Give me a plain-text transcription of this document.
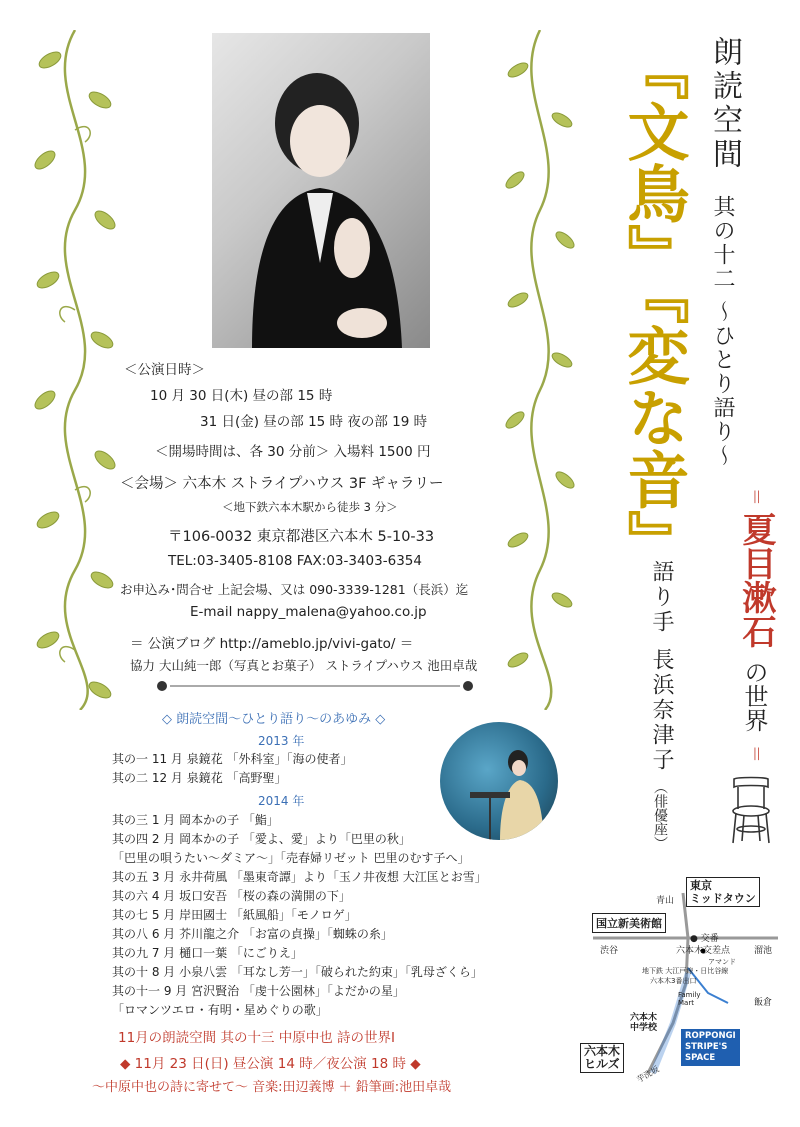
朗読空間
其の十二
～ひとり語り～
『文鳥』
『変な音』	＝
夏目漱石
の世界
＝
語り手
長浜奈津子
（俳優座）
＜公演日時＞
10 月 30 日(木) 昼の部 15 時
31 日(金) 昼の部 15 時 夜の部 19 時
＜開場時間は、各 30 分前＞ 入場料 1500 円
＜会場＞ 六本木 ストライプハウス 3F ギャラリー
＜地下鉄六本木駅から徒歩 3 分＞
〒106-0032 東京都港区六本木 5-10-33
TEL:03-3405-8108 FAX:03-3403-6354
お申込み･問合せ 上記会場、又は 090-3339-1281（長浜）迄
E-mail nappy_malena@yahoo.co.jp
＝ 公演ブログ http://ameblo.jp/vivi-gato/ ＝
協力 大山純一郎（写真とお菓子） ストライプハウス 池田卓哉
◇ 朗読空間～ひとり語り～のあゆみ ◇
2013 年
其の一 11 月 泉鏡花 「外科室」「海の使者」
其の二 12 月 泉鏡花 「高野聖」
2014 年
其の三 1 月 岡本かの子 「鮨」
其の四 2 月 岡本かの子 「愛よ、愛」より「巴里の秋」
「巴里の唄うたい～ダミア～」「売春婦リゼット 巴里のむす子へ」
其の五 3 月 永井荷風 「墨東奇譚」より「玉ノ井夜想 大江匡とお雪」
其の六 4 月 坂口安吾 「桜の森の満開の下」
其の七 5 月 岸田國士 「紙風船」「モノロゲ」
其の八 6 月 芥川龍之介 「お富の貞操」「蜘蛛の糸」
其の九 7 月 樋口一葉 「にごりえ」
其の十 8 月 小泉八雲 「耳なし芳一」「破られた約束」「乳母ざくら」
其の十一 9 月 宮沢賢治 「虔十公園林」「よだかの星」
「ロマンツエロ・有明・星めぐりの歌」
11月の朗読空間 其の十三 中原中也 詩の世界Ⅰ
◆ 11月 23 日(日) 昼公演 14 時／夜公演 18 時 ◆
～中原中也の詩に寄せて～ 音楽:田辺義博 ＋ 鉛筆画:池田卓哉
東京
ミッドタウン
青山
国立新美術館
● 交番
渋谷	六本木交差点	溜池
アマンド
地下鉄 大江戸線・日比谷線
六本木3番出口
飯倉
Family Mart
六本木
中学校
ROPPONGI
STRIPE'S
SPACE
六本木
ヒルズ
芋洗坂
